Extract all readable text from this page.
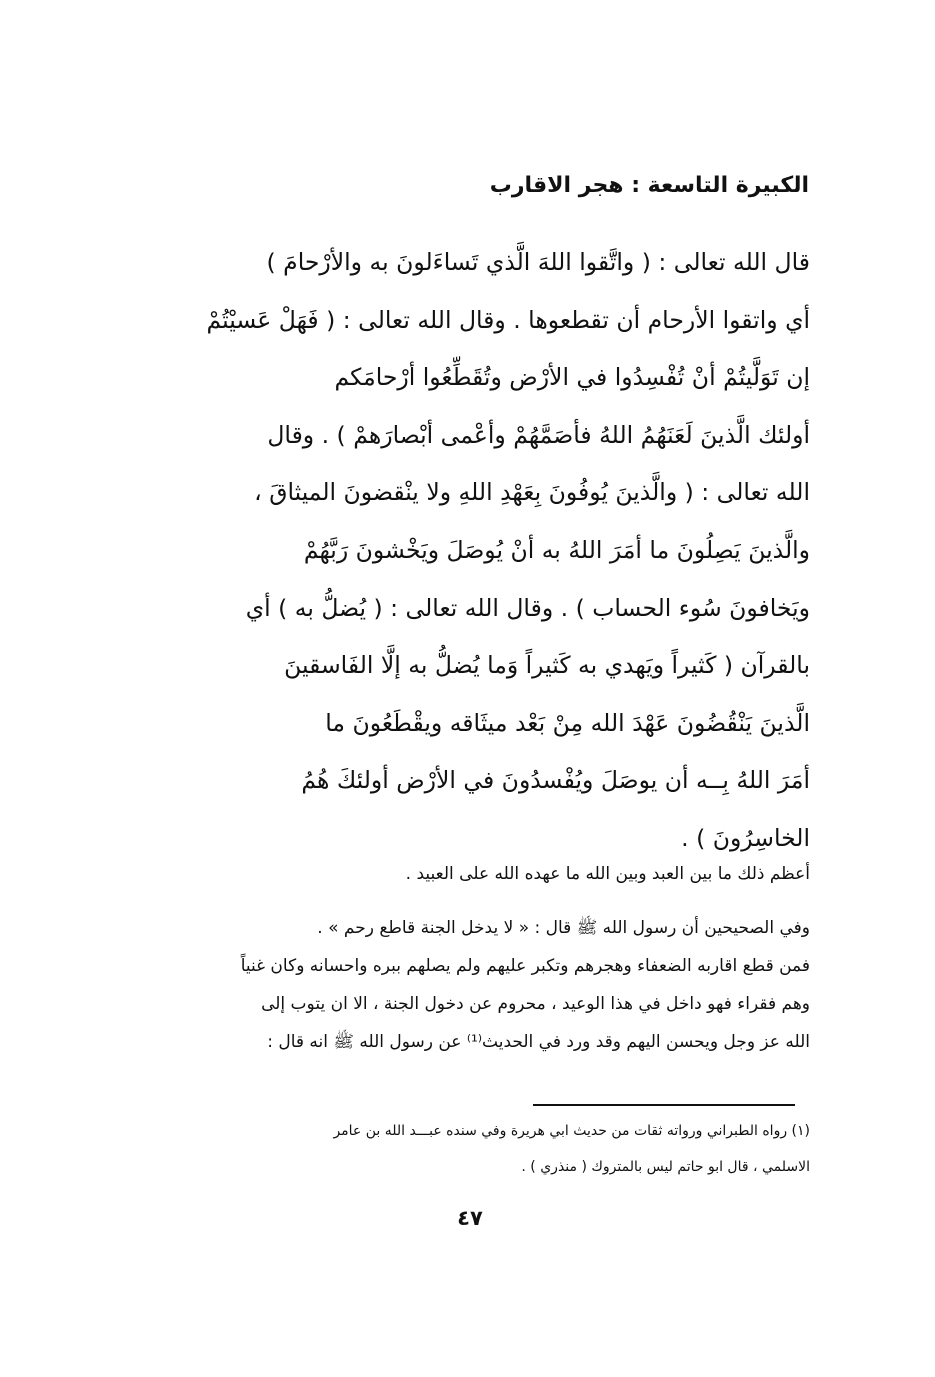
الكبيرة التاسعة : هجر الاقارب
قال الله تعالى : ( واتَّقوا اللهَ الَّذي تَساءَلونَ به والأرْحامَ )
أي واتقوا الأرحام أن تقطعوها . وقال الله تعالى : ( فَهَلْ عَسيْتُمْ
إن تَوَلَّيتُمْ أنْ تُفْسِدُوا في الأرْض وتُقَطِّعُوا أرْحامَكم
أولئك الَّذينَ لَعَنَهُمُ اللهُ فأصَمَّهُمْ وأعْمى أبْصارَهمْ ) . وقال
الله تعالى : ( والَّذينَ يُوفُونَ بِعَهْدِ اللهِ ولا ينْقضونَ الميثاقَ ،
والَّذينَ يَصِلُونَ ما أمَرَ اللهُ به أنْ يُوصَلَ ويَخْشونَ رَبَّهُمْ
ويَخافونَ سُوء الحساب ) . وقال الله تعالى : ( يُضلُّ به ) أي
بالقرآن ( كَثيراً ويَهدي به كَثيراً وَما يُضلُّ به إلَّا الفَاسقينَ
الَّذينَ يَنْقُضُونَ عَهْدَ الله مِنْ بَعْد ميثَاقه ويقْطَعُونَ ما
أمَرَ اللهُ بِــه أن يوصَلَ ويُفْسدُونَ في الأرْض أولئكَ هُمُ
الخاسِرُونَ ) .
أعظم ذلك ما بين العبد وبين الله ما عهده الله على العبيد .
وفي الصحيحين أن رسول الله ﷺ قال : « لا يدخل الجنة قاطع رحم » .
فمن قطع اقاربه الضعفاء وهجرهم وتكبر عليهم ولم يصلهم ببره واحسانه وكان غنياً
وهم فقراء فهو داخل في هذا الوعيد ، محروم عن دخول الجنة ، الا ان يتوب إلى
الله عز وجل ويحسن اليهم وقد ورد في الحديث⁽¹⁾ عن رسول الله ﷺ انه قال :
(١) رواه الطبراني ورواته ثقات من حديث ابي هريرة وفي سنده عبـــد الله بن عامر
الاسلمي ، قال ابو حاتم ليس بالمتروك ( منذري ) .
٤٧
